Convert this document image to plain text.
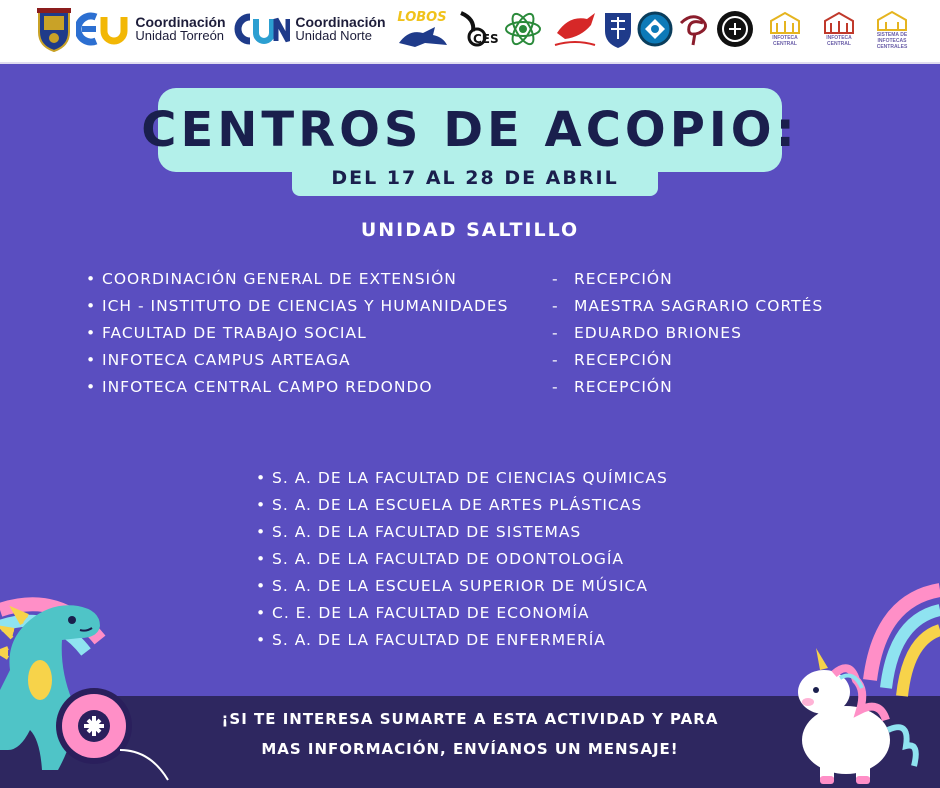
Coordinación
Unidad Torreón
Coordinación
Unidad Norte
LOBOS
CES	INFOTECA CENTRAL
INFOTECA CENTRAL
SISTEMA DE INFOTECAS CENTRALES
CENTROS DE ACOPIO:
DEL 17 AL 28 DE ABRIL
UNIDAD SALTILLO
• COORDINACIÓN GENERAL DE EXTENSIÓN	- RECEPCIÓN
• ICH - INSTITUTO DE CIENCIAS Y HUMANIDADES	- MAESTRA SAGRARIO CORTÉS
• FACULTAD DE TRABAJO SOCIAL	- EDUARDO BRIONES
• INFOTECA CAMPUS ARTEAGA	- RECEPCIÓN
• INFOTECA CENTRAL CAMPO REDONDO	- RECEPCIÓN
• S. A. DE LA FACULTAD DE CIENCIAS QUÍMICAS
• S. A. DE LA ESCUELA DE ARTES PLÁSTICAS
• S. A. DE LA FACULTAD DE SISTEMAS
• S. A. DE LA FACULTAD DE ODONTOLOGÍA
• S. A. DE LA ESCUELA SUPERIOR DE MÚSICA
• C. E. DE LA FACULTAD DE ECONOMÍA
• S. A. DE LA FACULTAD DE ENFERMERÍA
¡SI TE INTERESA SUMARTE A ESTA ACTIVIDAD Y PARA
MAS INFORMACIÓN, ENVÍANOS UN MENSAJE!
